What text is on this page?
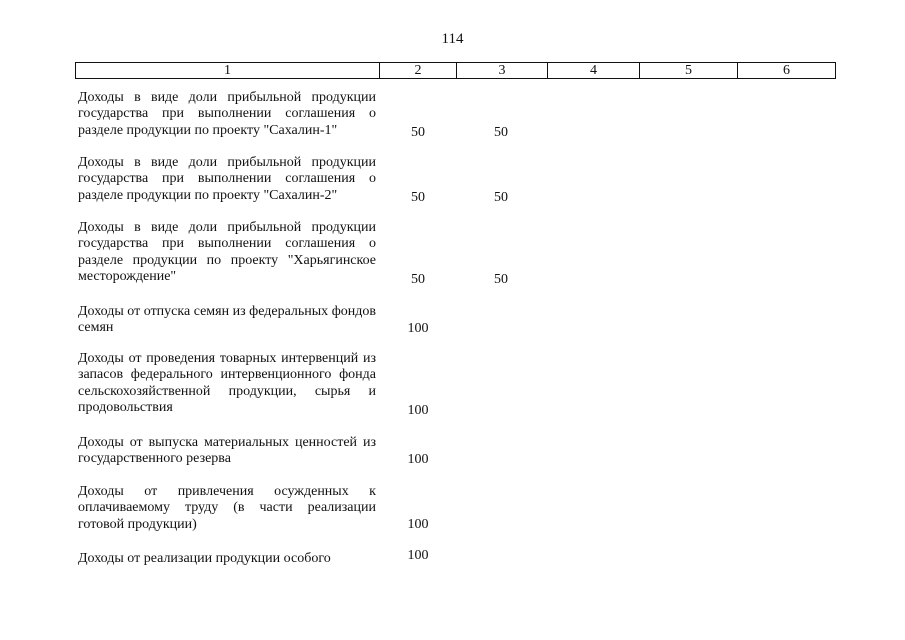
114
1	2	3	4	5	6
Доходы в виде доли прибыльной продукции государства при выполнении соглашения о разделе продукции по проекту "Сахалин-1"	50	50
Доходы в виде доли прибыльной продукции государства при выполнении соглашения о разделе продукции по проекту "Сахалин-2"	50	50
Доходы в виде доли прибыльной продукции государства при выполнении соглашения о разделе продукции по проекту "Харьягинское месторождение"	50	50
Доходы от отпуска семян из федеральных фондов семян	100
Доходы от проведения товарных интервенций из запасов федерального интервенционного фонда сельскохозяйственной продукции, сырья и продовольствия	100
Доходы от выпуска материальных ценностей из государственного резерва	100
Доходы от привлечения осужденных к оплачиваемому труду (в части реализации готовой продукции)	100
Доходы от реализации продукции особого	100
